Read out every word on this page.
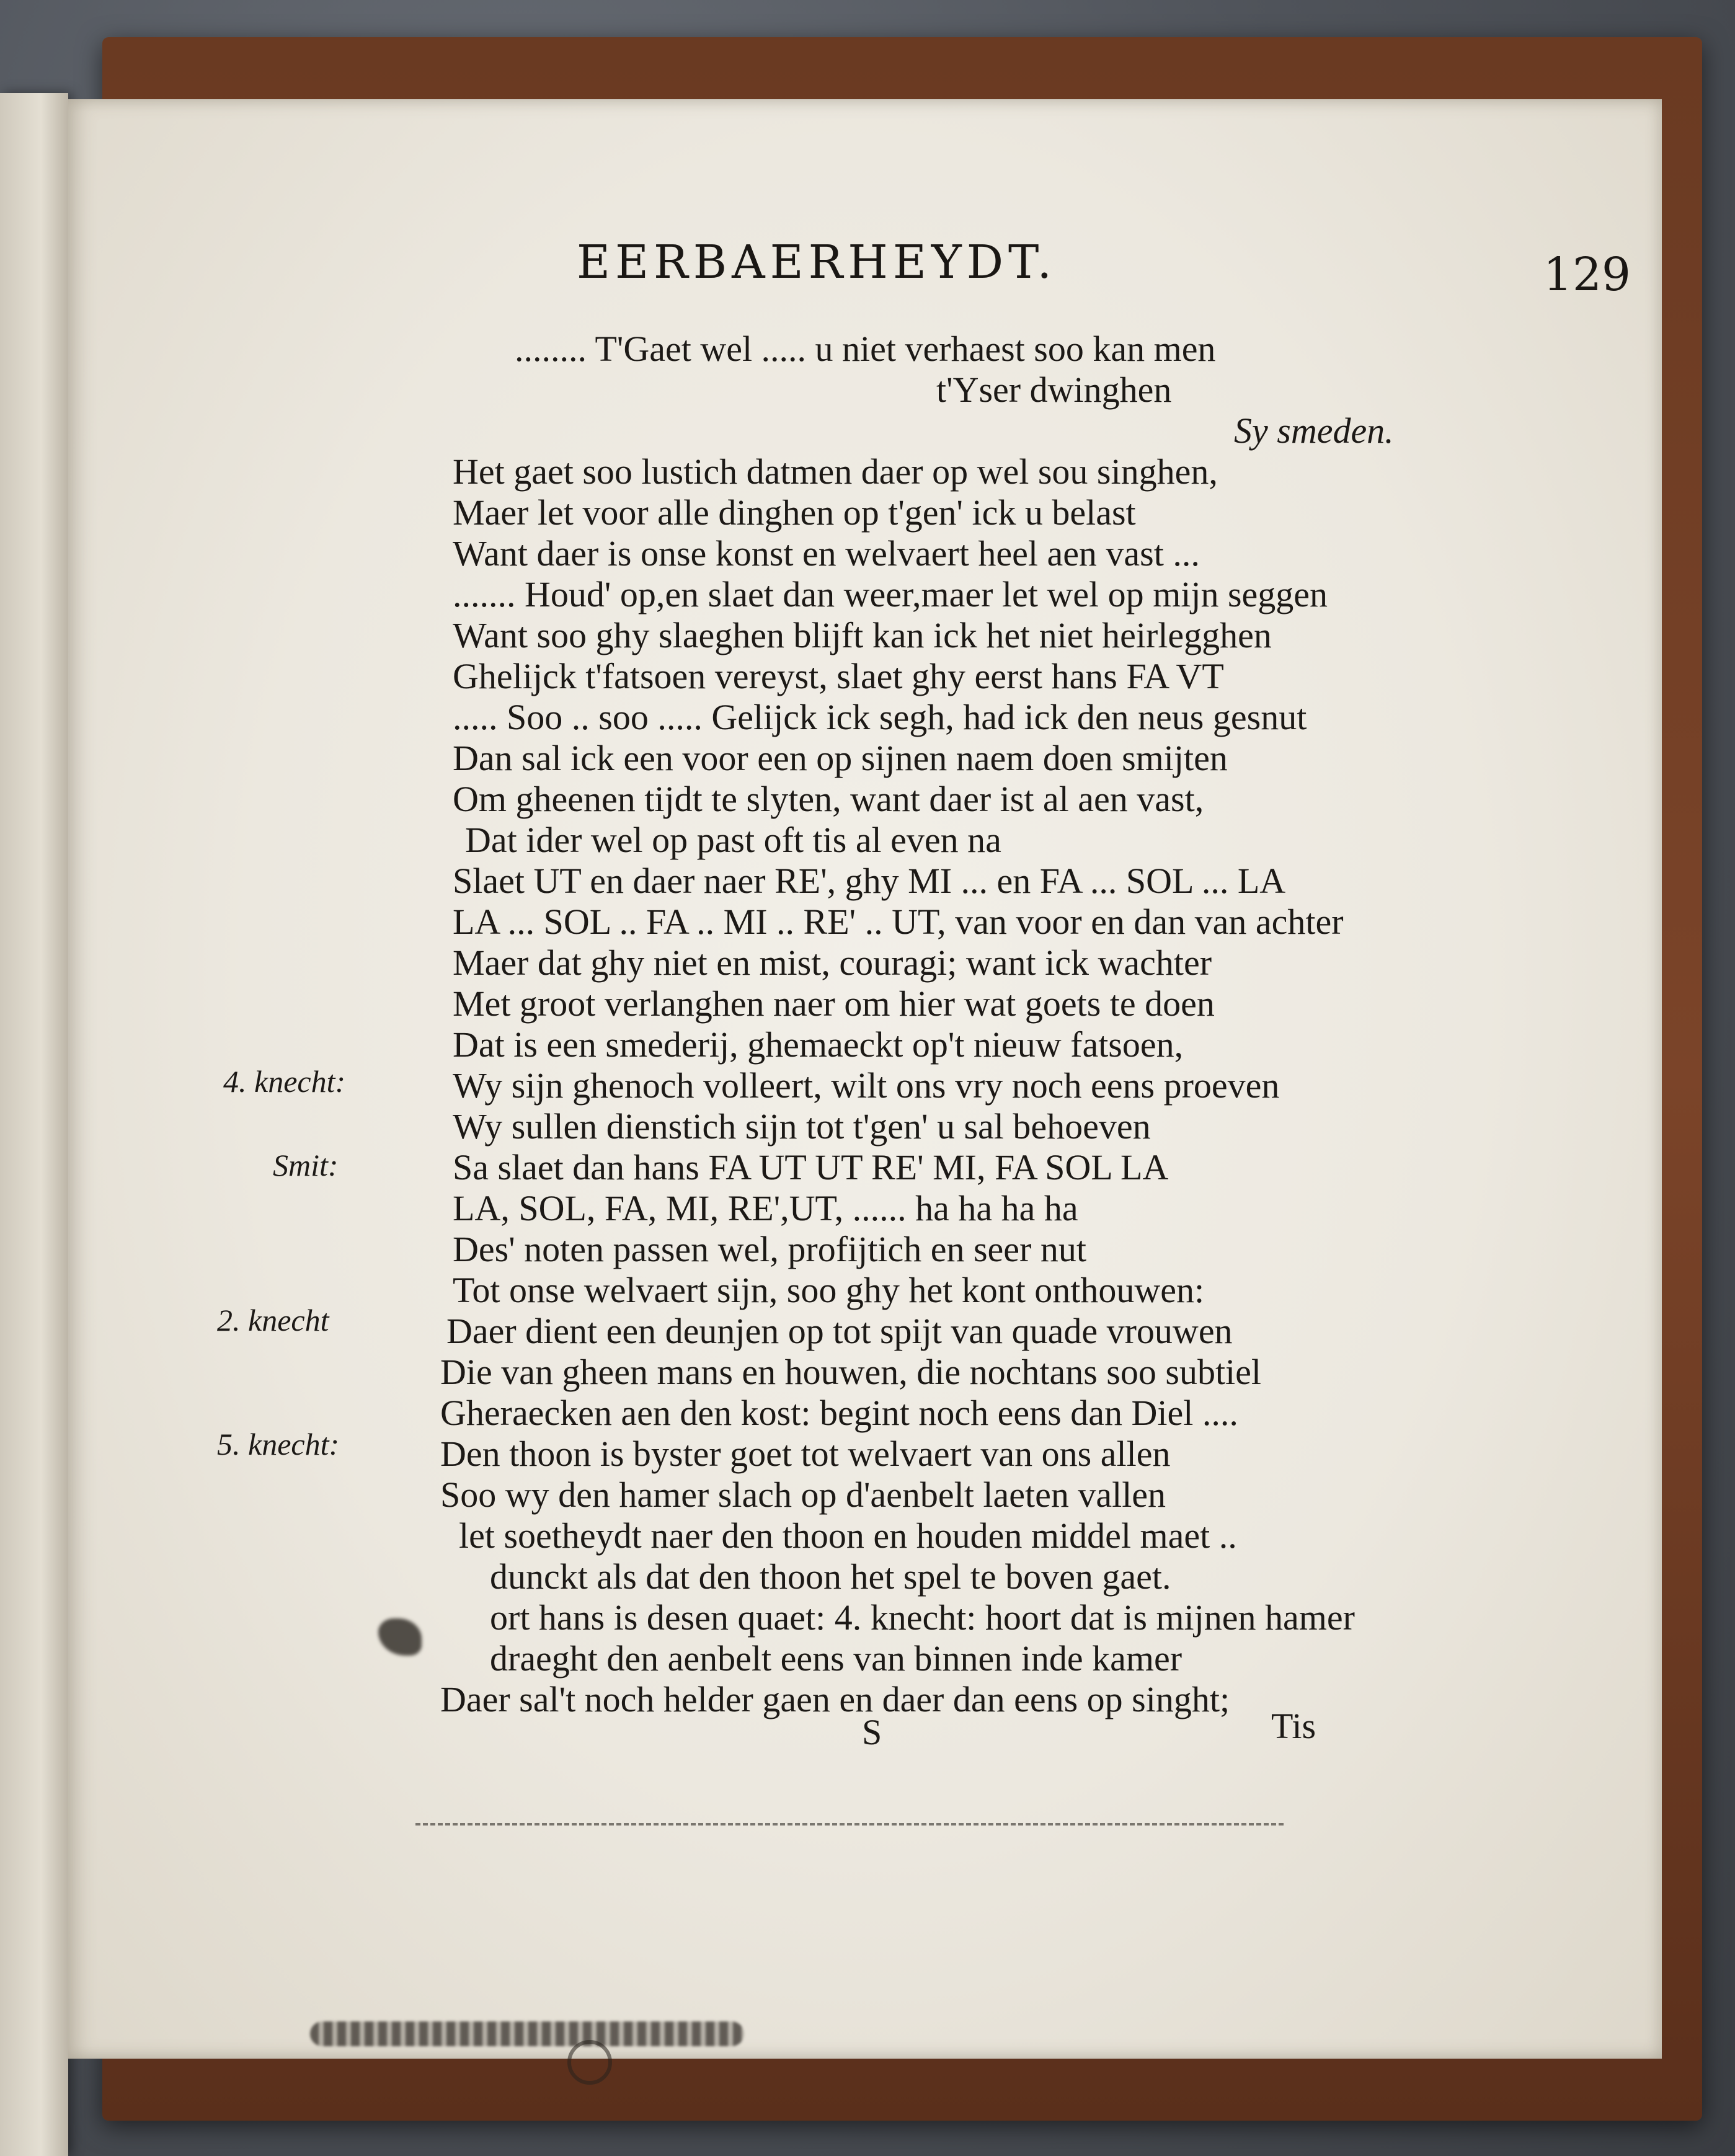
EERBAERHEYDT.	129
........ T'Gaet wel ..... u niet verhaest soo kan men
t'Yser dwinghen
Sy smeden.
Het gaet soo lustich datmen daer op wel sou singhen,
Maer let voor alle dinghen op t'gen' ick u belast
Want daer is onse konst en welvaert heel aen vast ...
....... Houd' op,en slaet dan weer,maer let wel op mijn seggen
Want soo ghy slaeghen blijft kan ick het niet heirlegghen
Ghelijck t'fatsoen vereyst, slaet ghy eerst hans FA VT
..... Soo .. soo ..... Gelijck ick segh, had ick den neus gesnut
Dan sal ick een voor een op sijnen naem doen smijten
Om gheenen tijdt te slyten, want daer ist al aen vast,
Dat ider wel op past oft tis al even na
Slaet UT en daer naer RE', ghy MI ... en FA ... SOL ... LA
LA ... SOL .. FA .. MI .. RE' .. UT, van voor en dan van achter
Maer dat ghy niet en mist, couragi; want ick wachter
Met groot verlanghen naer om hier wat goets te doen
Dat is een smederij, ghemaeckt op't nieuw fatsoen,
Wy sijn ghenoch volleert, wilt ons vry noch eens proeven
Wy sullen dienstich sijn tot t'gen' u sal behoeven
Sa slaet dan hans FA UT UT RE' MI, FA SOL LA
LA, SOL, FA, MI, RE',UT, ...... ha ha ha ha
Des' noten passen wel, profijtich en seer nut
Tot onse welvaert sijn, soo ghy het kont onthouwen:
Daer dient een deunjen op tot spijt van quade vrouwen
Die van gheen mans en houwen, die nochtans soo subtiel
Gheraecken aen den kost: begint noch eens dan Diel ....
Den thoon is byster goet tot welvaert van ons allen
Soo wy den hamer slach op d'aenbelt laeten vallen
let soetheydt naer den thoon en houden middel maet ..
dunckt als dat den thoon het spel te boven gaet.
ort hans is desen quaet: 4. knecht: hoort dat is mijnen hamer
draeght den aenbelt eens van binnen inde kamer
Daer sal't noch helder gaen en daer dan eens op singht;
4. knecht:
Smit:
2. knecht
5. knecht:
S	Tis
